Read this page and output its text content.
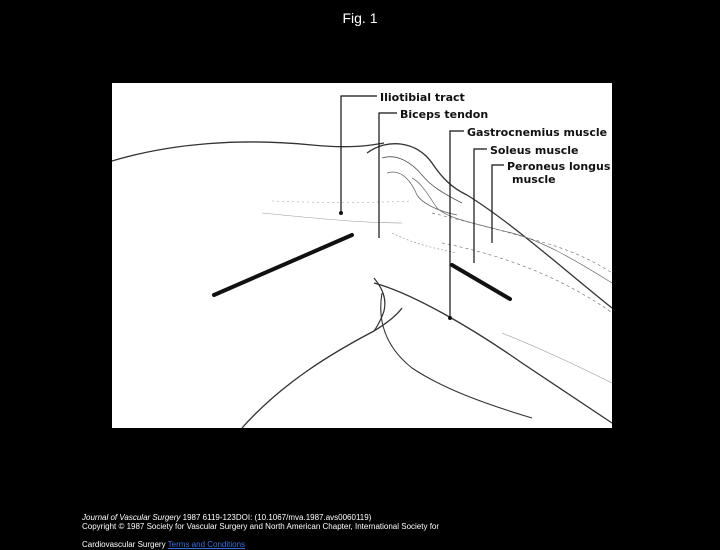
Fig. 1
Iliotibial tract
Biceps tendon
Gastrocnemius muscle
Soleus muscle
Peroneus longus
muscle
Journal of Vascular Surgery 1987 6119-123DOI: (10.1067/mva.1987.avs0060119)
Copyright © 1987 Society for Vascular Surgery and North American Chapter, International Society for
Cardiovascular Surgery Terms and Conditions
